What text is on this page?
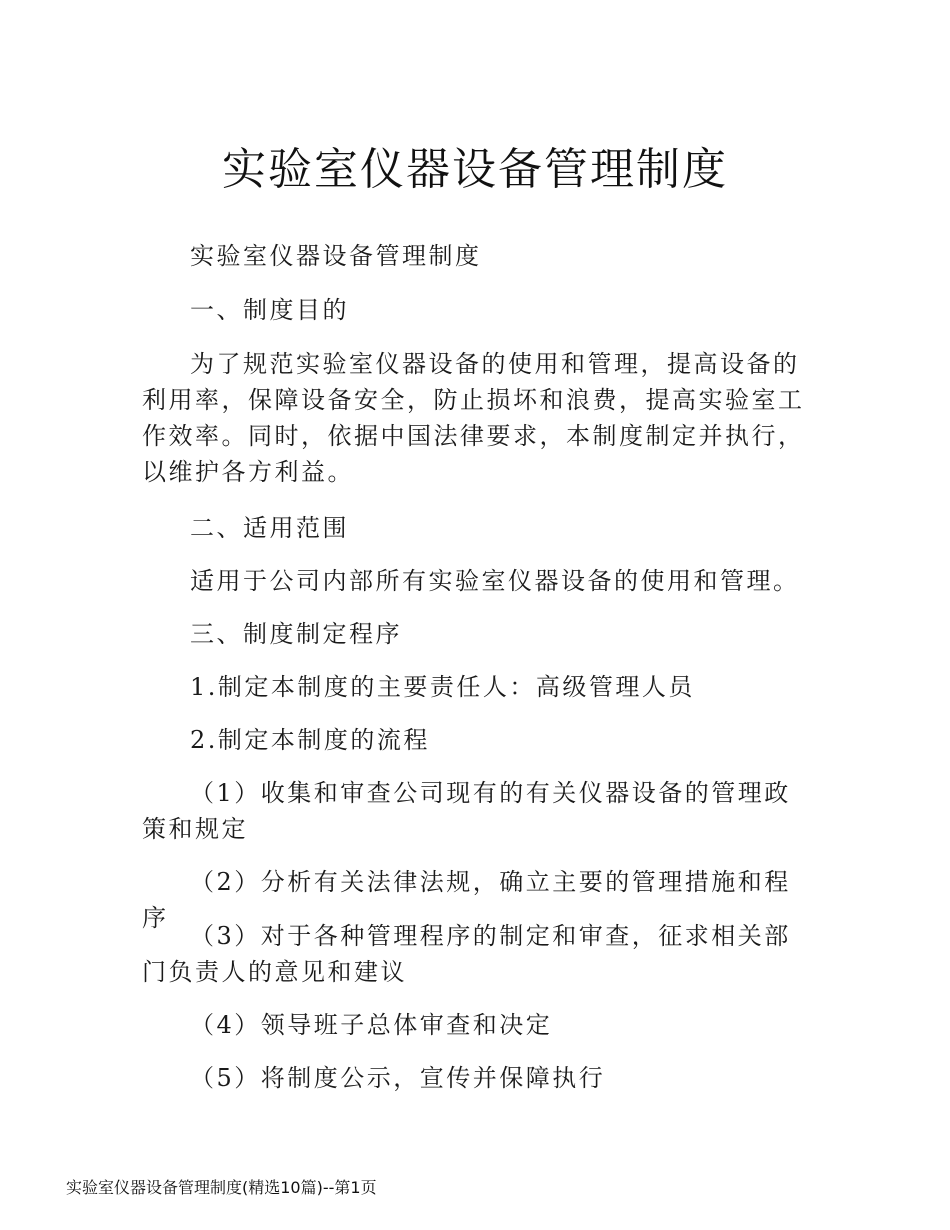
实验室仪器设备管理制度

实验室仪器设备管理制度

一、制度目的

为了规范实验室仪器设备的使用和管理，提高设备的利用率，保障设备安全，防止损坏和浪费，提高实验室工作效率。同时，依据中国法律要求，本制度制定并执行，以维护各方利益。

二、适用范围

适用于公司内部所有实验室仪器设备的使用和管理。

三、制度制定程序

1.制定本制度的主要责任人：高级管理人员

2.制定本制度的流程

（1）收集和审查公司现有的有关仪器设备的管理政策和规定

（2）分析有关法律法规，确立主要的管理措施和程序

（3）对于各种管理程序的制定和审查，征求相关部门负责人的意见和建议

（4）领导班子总体审查和决定

（5）将制度公示，宣传并保障执行

实验室仪器设备管理制度(精选10篇)--第1页
